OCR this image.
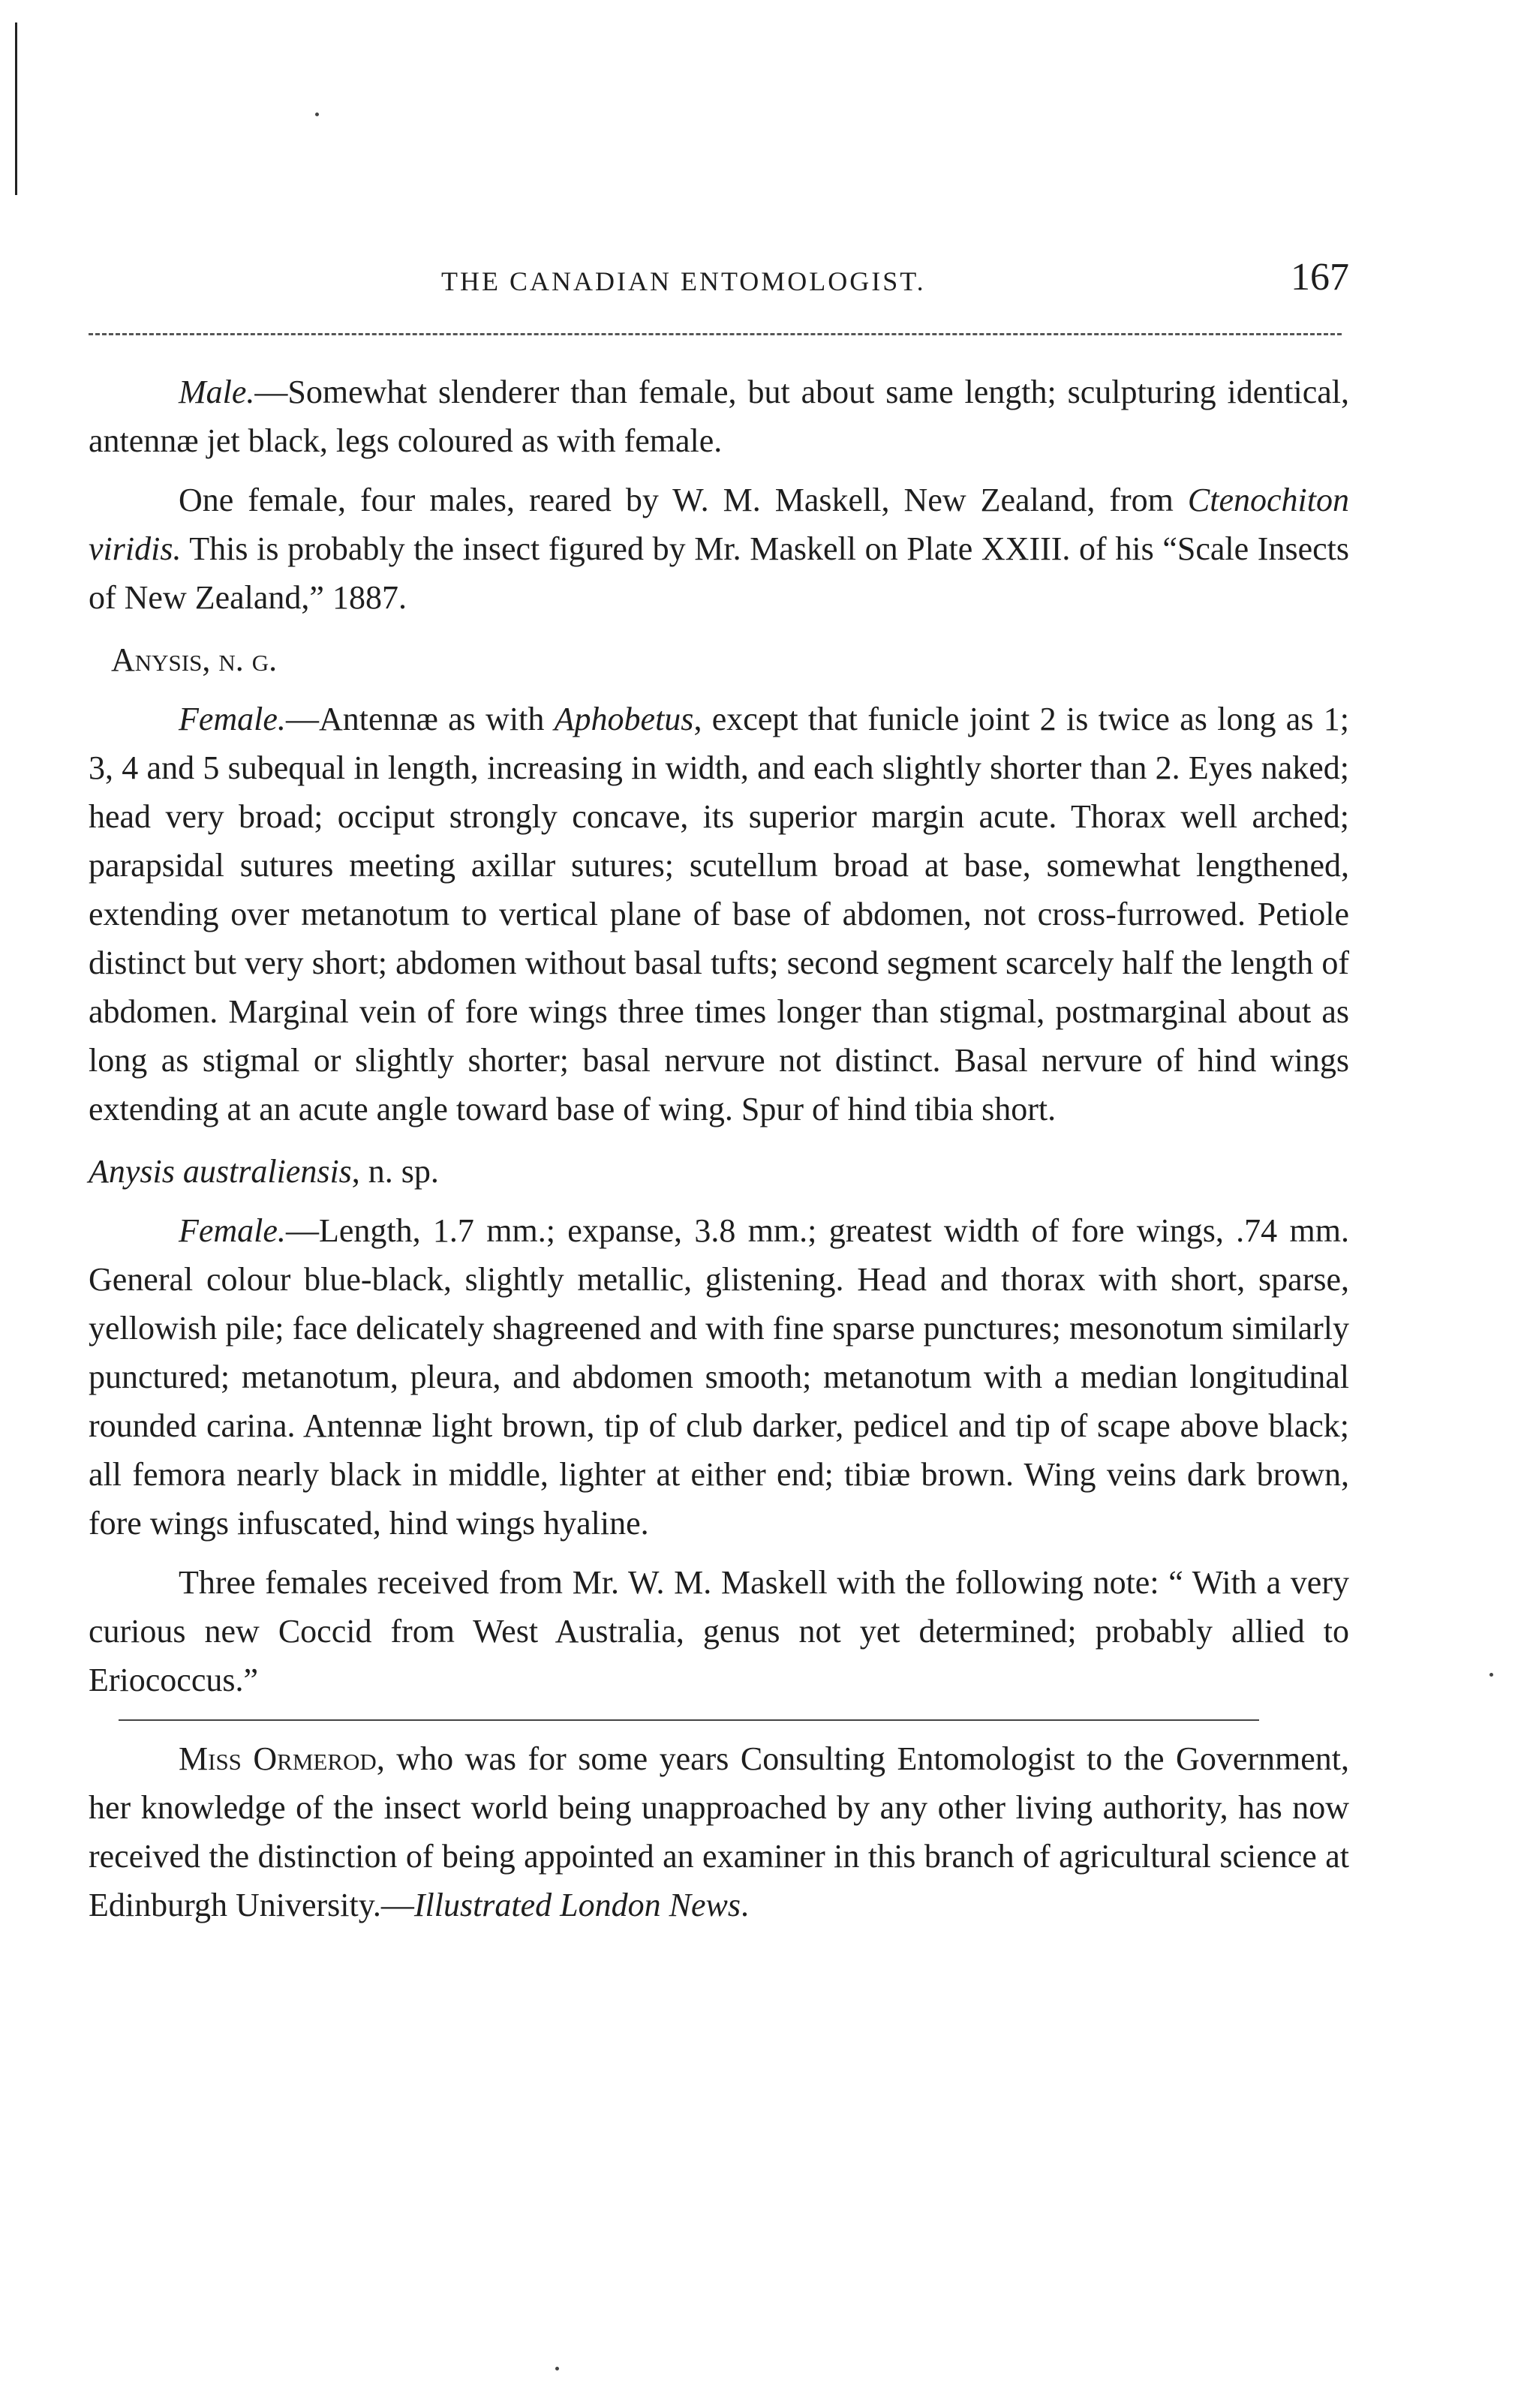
THE CANADIAN ENTOMOLOGIST.	167

Male.—Somewhat slenderer than female, but about same length; sculpturing identical, antennæ jet black, legs coloured as with female.

One female, four males, reared by W. M. Maskell, New Zealand, from Ctenochiton viridis. This is probably the insect figured by Mr. Maskell on Plate XXIII. of his “Scale Insects of New Zealand,” 1887.

Anysis, n. g.

Female.—Antennæ as with Aphobetus, except that funicle joint 2 is twice as long as 1; 3, 4 and 5 subequal in length, increasing in width, and each slightly shorter than 2. Eyes naked; head very broad; occiput strongly concave, its superior margin acute. Thorax well arched; parapsidal sutures meeting axillar sutures; scutellum broad at base, somewhat lengthened, extending over metanotum to vertical plane of base of abdomen, not cross-furrowed. Petiole distinct but very short; abdomen without basal tufts; second segment scarcely half the length of abdomen. Marginal vein of fore wings three times longer than stigmal, postmarginal about as long as stigmal or slightly shorter; basal nervure not distinct. Basal nervure of hind wings extending at an acute angle toward base of wing. Spur of hind tibia short.

Anysis australiensis, n. sp.

Female.—Length, 1.7 mm.; expanse, 3.8 mm.; greatest width of fore wings, .74 mm. General colour blue-black, slightly metallic, glistening. Head and thorax with short, sparse, yellowish pile; face delicately shagreened and with fine sparse punctures; mesonotum similarly punctured; metanotum, pleura, and abdomen smooth; metanotum with a median longitudinal rounded carina. Antennæ light brown, tip of club darker, pedicel and tip of scape above black; all femora nearly black in middle, lighter at either end; tibiæ brown. Wing veins dark brown, fore wings infuscated, hind wings hyaline.

Three females received from Mr. W. M. Maskell with the following note: “ With a very curious new Coccid from West Australia, genus not yet determined; probably allied to Eriococcus.”

Miss Ormerod, who was for some years Consulting Entomologist to the Government, her knowledge of the insect world being unapproached by any other living authority, has now received the distinction of being appointed an examiner in this branch of agricultural science at Edinburgh University.—Illustrated London News.
